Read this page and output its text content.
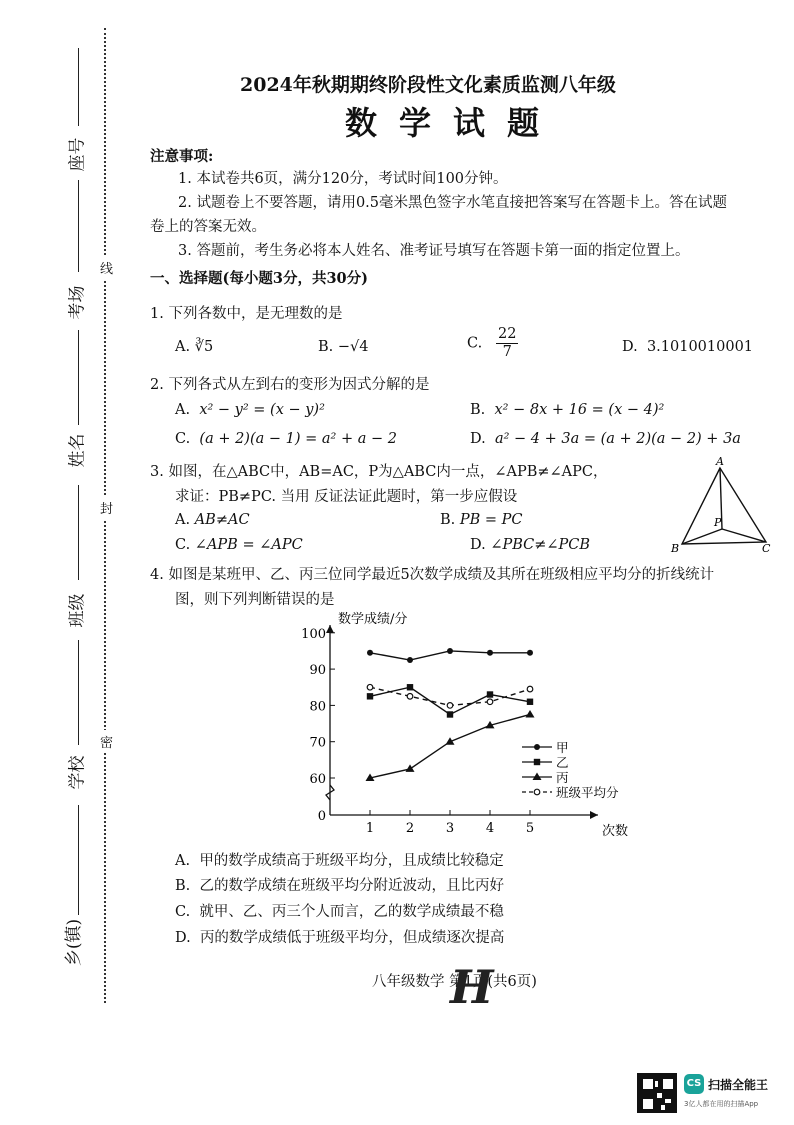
座号
考场
姓名
班级
学校
乡(镇)
线
封
密
2024年秋期期终阶段性文化素质监测八年级
数学试题
注意事项:
1. 本试卷共6页，满分120分，考试时间100分钟。
2. 试题卷上不要答题，请用0.5毫米黑色签字水笔直接把答案写在答题卡上。答在试题
卷上的答案无效。
3. 答题前，考生务必将本人姓名、准考证号填写在答题卡第一面的指定位置上。
一、选择题(每小题3分，共30分)
1. 下列各数中，是无理数的是
A. ∛5	B. −√4	C. $\frac{22}{7}$	D. 3.1010010001
2. 下列各式从左到右的变形为因式分解的是
A. x² − y² = (x − y)²	B. x² − 8x + 16 = (x − 4)²
C. (a + 2)(a − 1) = a² + a − 2	D. a² − 4 + 3a = (a + 2)(a − 2) + 3a
3. 如图，在△ABC中，AB=AC，P为△ABC内一点，∠APB≠∠APC，
求证：PB≠PC. 当用 反证法证此题时，第一步应假设
A. AB≠AC	B. PB = PC
C. ∠APB = ∠APC	D. ∠PBC≠∠PCB
A
B	C
P
4. 如图是某班甲、乙、丙三位同学最近5次数学成绩及其所在班级相应平均分的折线统计
图，则下列判断错误的是
0
60
70
80
90
100
1 2 3 4 5
数学成绩/分
次数
甲
乙
丙
班级平均分
A. 甲的数学成绩高于班级平均分，且成绩比较稳定
B. 乙的数学成绩在班级平均分附近波动，且比丙好
C. 就甲、乙、丙三个人而言，乙的数学成绩最不稳
D. 丙的数学成绩低于班级平均分，但成绩逐次提高
八年级数学 第1页(共6页)
H
CS 扫描全能王
3亿人都在用的扫描App
